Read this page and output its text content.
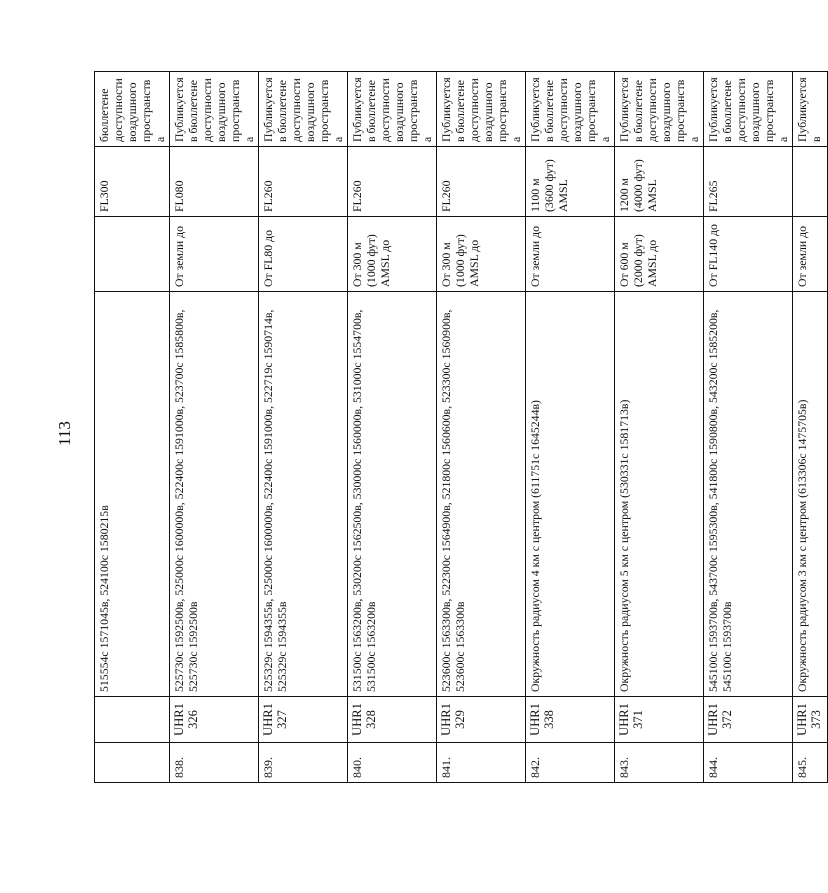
113
		515554с 1571045в, 524100с 1580215в		FL300	бюллетене доступности воздушного пространства
838.	UHR1326	525730с 1592500в, 525000с 1600000в, 522400с 1591000в, 523700с 1585800в, 525730с 1592500в	От земли до	FL080	Публикуется в бюллетене доступности воздушного пространства
839.	UHR1327	525329с 1594355в, 525000с 1600000в, 522400с 1591000в, 522719с 1590714в, 525329с 1594355в	От FL80 до	FL260	Публикуется в бюллетене доступности воздушного пространства
840.	UHR1328	531500с 1563200в, 530200с 1562500в, 530000с 1560000в, 531000с 1554700в, 531500с 1563200в	От 300 м (1000 фут) AMSL до	FL260	Публикуется в бюллетене доступности воздушного пространства
841.	UHR1329	523600с 1563300в, 522300с 1564900в, 521800с 1560600в, 523300с 1560900в, 523600с 1563300в	От 300 м (1000 фут) AMSL до	FL260	Публикуется в бюллетене доступности воздушного пространства
842.	UHR1338	Окружность радиусом 4 км с центром (611751с 1645244в)	От земли до	1100 м (3600 фут) AMSL	Публикуется в бюллетене доступности воздушного пространства
843.	UHR1371	Окружность радиусом 5 км с центром (530331с 1581713в)	От 600 м (2000 фут) AMSL до	1200 м (4000 фут) AMSL	Публикуется в бюллетене доступности воздушного пространства
844.	UHR1372	545100с 1593700в, 543700с 1595300в, 541800с 1590800в, 543200с 1585200в, 545100с 1593700в	От FL140 до	FL265	Публикуется в бюллетене доступности воздушного пространства
845.	UHR1373	Окружность радиусом 3 км с центром (613306с 1475705в)	От земли до		Публикуется в
